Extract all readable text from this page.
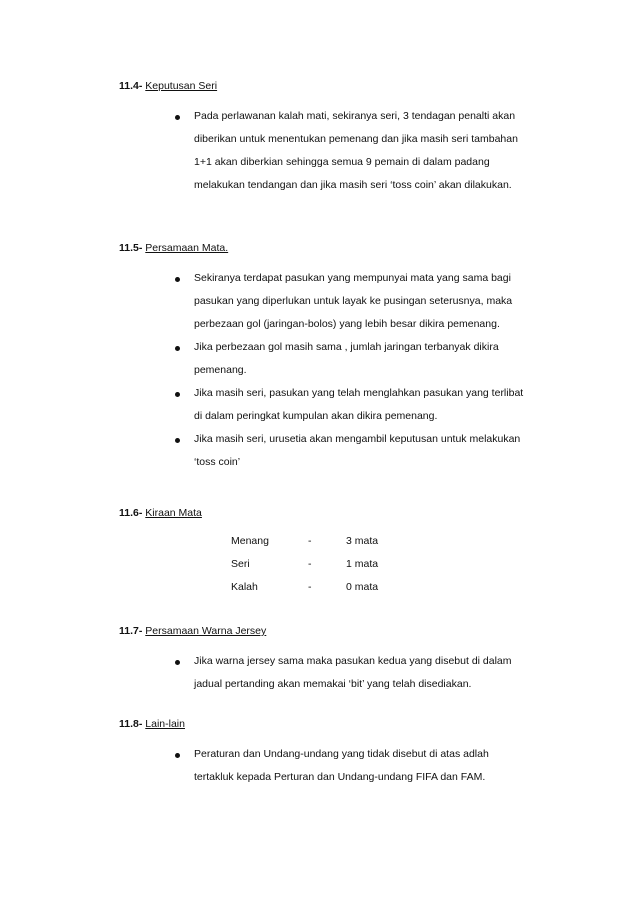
11.4- Keputusan Seri
Pada perlawanan kalah mati, sekiranya seri, 3 tendagan penalti akan
diberikan untuk menentukan pemenang dan jika masih seri tambahan
1+1 akan diberkian sehingga semua 9 pemain di dalam padang
melakukan tendangan dan jika masih seri ‘toss coin’ akan dilakukan.
11.5- Persamaan Mata.
Sekiranya terdapat pasukan yang mempunyai mata yang sama bagi
pasukan yang diperlukan untuk layak ke pusingan seterusnya, maka
perbezaan gol (jaringan-bolos) yang lebih besar dikira pemenang.
Jika perbezaan gol masih sama , jumlah jaringan terbanyak dikira
pemenang.
Jika masih seri, pasukan yang telah menglahkan pasukan yang terlibat
di dalam peringkat kumpulan akan dikira pemenang.
Jika masih seri, urusetia akan mengambil keputusan untuk melakukan
‘toss coin’
11.6- Kiraan Mata
Menang	-	3 mata
Seri	-	1 mata
Kalah	-	0 mata
11.7- Persamaan Warna Jersey
Jika warna jersey sama maka pasukan kedua yang disebut di dalam
jadual pertanding akan memakai ‘bit’ yang telah disediakan.
11.8- Lain-lain
Peraturan dan Undang-undang yang tidak disebut di atas adlah
tertakluk kepada Perturan dan Undang-undang FIFA dan FAM.
